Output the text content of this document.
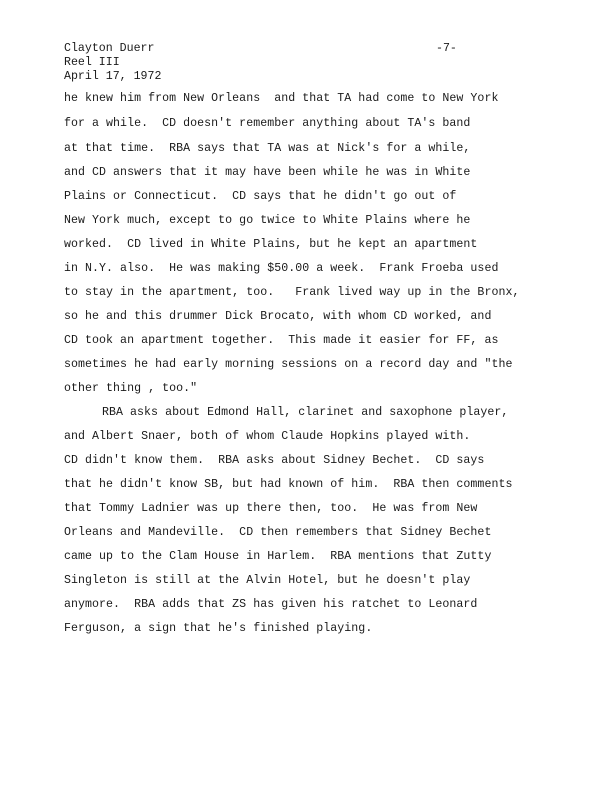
Clayton Duerr
Reel III
April 17, 1972
-7-
he knew him from New Orleans  and that TA had come to New York
for a while.  CD doesn't remember anything about TA's band
at that time.  RBA says that TA was at Nick's for a while,
and CD answers that it may have been while he was in White
Plains or Connecticut.  CD says that he didn't go out of
New York much, except to go twice to White Plains where he
worked.  CD lived in White Plains, but he kept an apartment
in N.Y. also.  He was making $50.00 a week.  Frank Froeba used
to stay in the apartment, too.   Frank lived way up in the Bronx,
so he and this drummer Dick Brocato, with whom CD worked, and
CD took an apartment together.  This made it easier for FF, as
sometimes he had early morning sessions on a record day and "the
other thing , too."
RBA asks about Edmond Hall, clarinet and saxophone player,
and Albert Snaer, both of whom Claude Hopkins played with.
CD didn't know them.  RBA asks about Sidney Bechet.  CD says
that he didn't know SB, but had known of him.  RBA then comments
that Tommy Ladnier was up there then, too.  He was from New
Orleans and Mandeville.  CD then remembers that Sidney Bechet
came up to the Clam House in Harlem.  RBA mentions that Zutty
Singleton is still at the Alvin Hotel, but he doesn't play
anymore.  RBA adds that ZS has given his ratchet to Leonard
Ferguson, a sign that he's finished playing.
